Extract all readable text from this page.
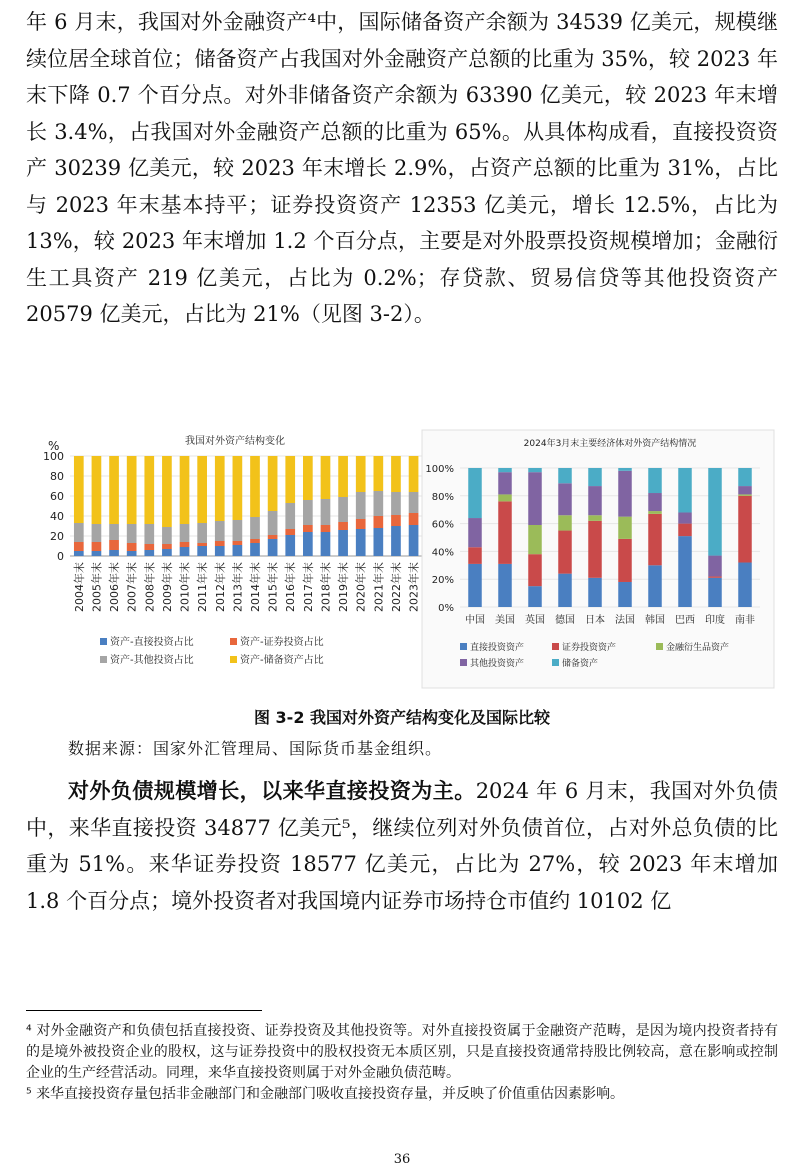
年 6 月末，我国对外金融资产⁴中，国际储备资产余额为 34539 亿美元，规模继续位居全球首位；储备资产占我国对外金融资产总额的比重为 35%，较 2023 年末下降 0.7 个百分点。对外非储备资产余额为 63390 亿美元，较 2023 年末增长 3.4%，占我国对外金融资产总额的比重为 65%。从具体构成看，直接投资资产 30239 亿美元，较 2023 年末增长 2.9%，占资产总额的比重为 31%，占比与 2023 年末基本持平；证券投资资产 12353 亿美元，增长 12.5%，占比为 13%，较 2023 年末增加 1.2 个百分点，主要是对外股票投资规模增加；金融衍生工具资产 219 亿美元，占比为 0.2%；存贷款、贸易信贷等其他投资资产 20579 亿美元，占比为 21%（见图 3-2）。

我国对外资产结构变化
%
0
20
40
60
80
100
2004年末 2005年末 2006年末 2007年末 2008年末 2009年末 2010年末 2011年末 2012年末 2013年末 2014年末 2015年末 2016年末 2017年末 2018年末 2019年末 2020年末 2021年末 2022年末 2023年末
资产-直接投资占比	资产-证券投资占比
资产-其他投资占比	资产-储备资产占比
2024年3月末主要经济体对外资产结构情况
0%
20%
40%
60%
80%
100%
中国 美国 英国 德国 日本 法国 韩国 巴西 印度 南非
直接投资资产	证券投资资产	金融衍生品资产
其他投资资产	储备资产
图 3-2 我国对外资产结构变化及国际比较
数据来源：国家外汇管理局、国际货币基金组织。

对外负债规模增长，以来华直接投资为主。2024 年 6 月末，我国对外负债中，来华直接投资 34877 亿美元⁵，继续位列对外负债首位，占对外总负债的比重为 51%。来华证券投资 18577 亿美元，占比为 27%，较 2023 年末增加 1.8 个百分点；境外投资者对我国境内证券市场持仓市值约 10102 亿

⁴ 对外金融资产和负债包括直接投资、证券投资及其他投资等。对外直接投资属于金融资产范畴，是因为境内投资者持有的是境外被投资企业的股权，这与证券投资中的股权投资无本质区别，只是直接投资通常持股比例较高，意在影响或控制企业的生产经营活动。同理，来华直接投资则属于对外金融负债范畴。

⁵ 来华直接投资存量包括非金融部门和金融部门吸收直接投资存量，并反映了价值重估因素影响。

36
